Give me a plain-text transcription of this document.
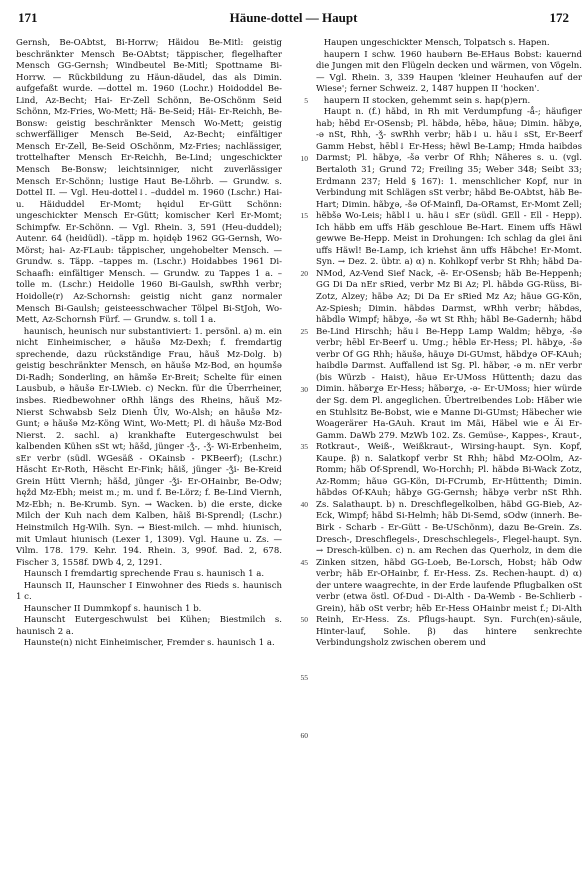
171	Häune-dottel — Haupt	172

Gernsh, Be-OAbtst, Bi-Horrw; Häidou Be-Mitl: geistig beschränkter Mensch Be-OAbtst; täppischer, flegelhafter Mensch GG-Gernsh; Windbeutel Be-Mitl; Spottname Bi-Horrw. — Rückbildung zu Häun-däudel, das als Dimin. aufgefaßt wurde. —dottel m. 1960 (Lochr.) Hoidoddel Be-Lind, Az-Becht; Hai- Er-Zell Schönn, Be-OSchönm Seid Schönn, Mz-Fries, Wo-Mett; Hä- Be-Seid; Häi- Er-Reichh, Be-Bonsw: geistig beschränkter Mensch Wo-Mett; geistig schwerfälliger Mensch Be-Seid, Az-Becht; einfältiger Mensch Er-Zell, Be-Seid OSchönm, Mz-Fries; nachlässiger, trottelhafter Mensch Er-Reichh, Be-Lind; ungeschickter Mensch Be-Bonsw; leichtsinniger, nicht zuverlässiger Mensch Er-Schönn; lustige Haut Be-Löhrb. — Grundw. s. Dottel II. — Vgl. Heu-dottel↓. –duddel m. 1960 (Lschr.) Hai- u. Häiduddel Er-Momt; hęidul Er-Gütt Schönn: ungeschickter Mensch Er-Gütt; komischer Kerl Er-Momt; Schimpfw. Er-Schönn. — Vgl. Rhein. 3, 591 (Heu-duddel); Autenr. 64 (heidüdl). –täpp m. hǫidęb 1962 GG-Gernsh, Wo-Mörst; hai- Az-FLaub: täppischer, ungehobelter Mensch. — Grundw. s. Täpp. –tappes m. (Lschr.) Hoidabbes 1961 Di-Schaafh: einfältiger Mensch. — Grundw. zu Tappes 1 a. –tolle m. (Lschr.) Heidolle 1960 Bi-Gaulsh, swRhh verbr; Hoidolle(r) Az-Schornsh: geistig nicht ganz normaler Mensch Bi-Gaulsh; geisteesschwacher Tölpel Bi-StJoh, Wo-Mett, Az-Schornsh Fürf. — Grundw. s. toll 1 a.

haunisch, heunisch nur substantiviert: 1. persönl. a) m. ein nicht Einheimischer, ə hãušə Mz-Dexh; f. fremdartig sprechende, dazu rückständige Frau, hãuš Mz-Dolg. b) geistig beschränkter Mensch, ən hãušə Mz-Bod, ən hǫumšə Di-Radh; Sonderling, ən hãmšə Er-Breit; Schelte für einen Lausbub, ə hãušə Er-LWieb. c) Neckn. für die Überrheiner, insbes. Riedbewohner oRhh längs des Rheins, hãuš Mz-Nierst Schwabsb Selz Dienh Ülv, Wo-Alsh; ən hãušə Mz-Gunt; ə hãušə Mz-Köng Wint, Wo-Mett; Pl. di hãušə Mz-Bod Nierst. 2. sachl. a) krankhafte Eutergeschwulst bei kalbenden Kühen sSt wt; hãšd, jünger -ǯ-, -ǯ- Wi-Erbenheim, sEr verbr (südl. WGesäß - OKainsb - PKBeerf); (Lschr.) Häscht Er-Roth, Hëscht Er-Fink; hãiš, jünger -ǯi- Be-Kreid Grein Hütt Viernh; hãšd, jünger -ǯi- Er-OHainbr, Be-Odw; hęžd Mz-Ebh; meist m.; m. und f. Be-Lörz; f. Be-Lind Viernh, Mz-Ebh; n. Be-Krumb. Syn. → Wacken. b) die erste, dicke Milch der Kuh nach dem Kalben, hãiš Bi-Sprendl; (Lschr.) Heinstmilch Hg-Wilh. Syn. → Biest-milch. — mhd. hiunisch, mit Umlaut hiunisch (Lexer 1, 1309). Vgl. Haune u. Zs. — Vilm. 178. 179. Kehr. 194. Rhein. 3, 990f. Bad. 2, 678. Fischer 3, 1558f. DWb 4, 2, 1291.

Haunsch I fremdartig sprechende Frau s. haunisch 1 a.

Haunsch II, Haunscher I Einwohner des Rieds s. haunisch 1 c.

Haunscher II Dummkopf s. haunisch 1 b.

Haunscht Eutergeschwulst bei Kühen; Biestmilch s. haunisch 2 a.

Haunste(n) nicht Einheimischer, Fremder s. haunisch 1 a.

5
10
15
20
25
30
35
40
45
50
55
60

Haupen ungeschickter Mensch, Tolpatsch s. Hapen.

haupern I schw. 1960 haubǝrn Be-EHaus Bobst: kauernd die Jungen mit den Flügeln decken und wärmen, von Vögeln. — Vgl. Rhein. 3, 339 Haupen 'kleiner Heuhaufen auf der Wiese'; ferner Schweiz. 2, 1487 huppen II 'hocken'.

haupern II stocken, gehemmt sein s. hap(p)ern.

Haupt n. (f.) hãbd, in Rh mit Verdumpfung -ǻ-; häufiger hab; hēbd Er-OSensb; Pl. hãbdə, hēbə, hãuə; Dimin. hãbχǝ, -ǝ nSt, Rhh, -ǯ- swRhh verbr; hãb↓ u. hãu↓ sSt, Er-Beerf Gamm Hebst, hēbl↓ Er-Hess; hẽwl Be-Lamp; Hmda haibdǝs Darmst; Pl. hãbχǝ, -šǝ verbr Of Rhh; Näheres s. u. (vgl. Bertaloth 31; Grund 72; Freiling 35; Weber 348; Seibt 33; Erdmann 237; Held § 167): 1. menschlicher Kopf, nur in Verbindung mit Schlägen sSt verbr; hãbd Be-OAbtst, hãb Be-Hart; Dimin. hãbχǝ, -šǝ Of-Mainfl, Da-ORamst, Er-Momt Zell; hẽbšǝ Wo-Leis; hãbl↓ u. hãu↓ sEr (südl. GEll - Ell - Hepp). Ich häbb em uffs Häb geschloue Be-Hart. Einem uffs Häwl gewwe Be-Hepp. Meist in Drohungen: Ich schlag da glei äni uffs Häwl! Be-Lamp, ich kriehst änn uffs Häbche! Er-Momt. Syn. → Dez. 2. übtr. a) α) n. Kohlkopf verbr St Rhh; hãbd Da-NMod, Az-Vend Sief Nack, -ẽ- Er-OSensb; hãb Be-Heppenh; GG Di Da nEr sRied, verbr Mz Bi Az; Pl. hãbdǝ GG-Rüss, Bi-Zotz, Alzey; hãbə Az; Di Da Er sRied Mz Az; hãuǝ GG-Kön, Az-Spiesh; Dimin. hãbdǝs Darmst, wRhh verbr; hãbdǝs, hãbdlǝ Wimpf; hãbχǝ, -šǝ wt St Rhh; hãbl Be-Gadernh; hãbd Be-Lind Hirschh; hãu↓ Be-Hepp Lamp Waldm; hẽbχǝ, -šǝ verbr; hēbl Er-Beerf u. Umg.; hēblǝ Er-Hess; Pl. hãbχǝ, -šǝ verbr Of GG Rhh; hãušǝ, hãuχǝ Di-GUmst, hãbdχǝ OF-KAuh; haibdlǝ Darmst. Auffallend ist Sg. Pl. hãbǝr, -ǝ m. nEr verbr (bis Würzb - Haist), hãuǝ Er-UMoss Hüttenth; dazu das Dimin. hãbǝrχǝ Er-Hess; hãbǝrχǝ, -ǝ- Er-UMoss; hier würde der Sg. dem Pl. angeglichen. Übertreibendes Lob: Häber wie en Stuhlsitz Be-Bobst, wie e Manne Di-GUmst; Häbecher wie Woagerärer Ha-GAuh. Kraut im Mäi, Häbel wie e Äi Er-Gamm. DaWb 279. MzWb 102. Zs. Gemüse-, Kappes-, Kraut-, Rotkraut-, Weiß-, Weißkraut-, Wirsing-haupt. Syn. Kopf, Kaupe. β) n. Salatkopf verbr St Rhh; hãbd Mz-OOlm, Az-Romm; hãb Of-Sprendl, Wo-Horchh; Pl. hãbdǝ Bi-Wack Zotz, Az-Romm; hãuǝ GG-Kön, Di-FCrumb, Er-Hüttenth; Dimin. hãbdǝs Of-KAuh; hãbχǝ GG-Gernsh; hãbχǝ verbr nSt Rhh. Zs. Salathaupt. b) n. Dreschflegelkolben, hãbd GG-Bieb, Az-Eck, Wimpf; hãbd Si-Helmh; hãb Di-Semd, sOdw (innerh. Be-Birk - Scharb - Er-Gütt - Be-USchönm), dazu Be-Grein. Zs. Dresch-, Dreschflegels-, Dreschschlegels-, Flegel-haupt. Syn. → Dresch-külben. c) n. am Rechen das Querholz, in dem die Zinken sitzen, hãbd GG-Loeb, Be-Lorsch, Hobst; hãb Odw verbr; hãb Er-OHainbr, f. Er-Hess. Zs. Rechen-haupt. d) α) der untere waagrechte, in der Erde laufende Pflugbalken oSt verbr (etwa östl. Of-Dud - Di-Alth - Da-Wemb - Be-Schlierb - Grein), hãb oSt verbr; hēb Er-Hess OHainbr meist f.; Di-Alth Reinh, Er-Hess. Zs. Pflugs-haupt. Syn. Furch(en)-säule, Hinter-lauf, Sohle. β) das hintere senkrechte Verbindungsholz zwischen oberem und
